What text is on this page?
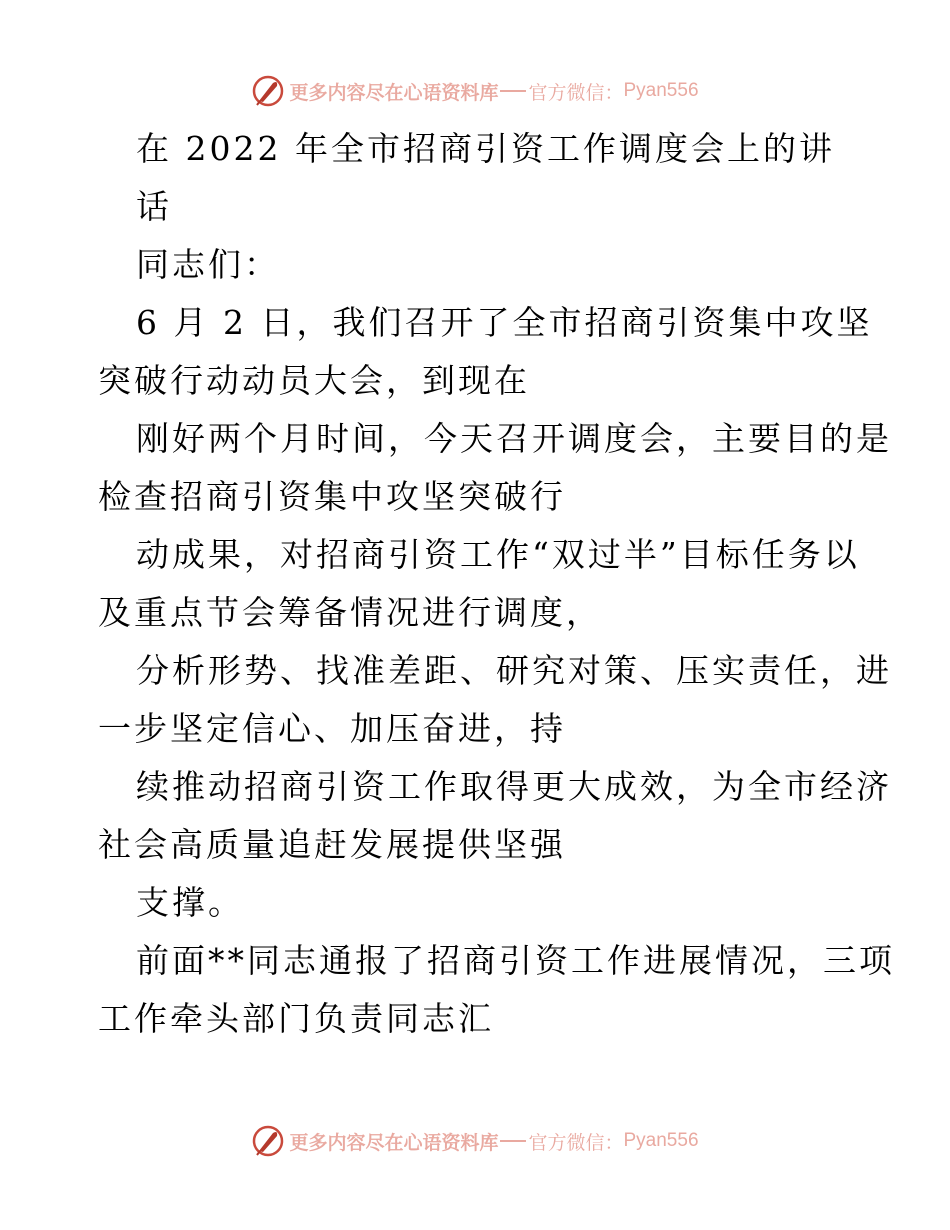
更多内容尽在心语资料库 官方微信： Pyan556
在 2022 年全市招商引资工作调度会上的讲
话
同志们：
6 月 2 日，我们召开了全市招商引资集中攻坚
突破行动动员大会，到现在
刚好两个月时间，今天召开调度会，主要目的是
检查招商引资集中攻坚突破行
动成果，对招商引资工作“双过半”目标任务以
及重点节会筹备情况进行调度，
分析形势、找准差距、研究对策、压实责任，进
一步坚定信心、加压奋进，持
续推动招商引资工作取得更大成效，为全市经济
社会高质量追赶发展提供坚强
支撑。
前面**同志通报了招商引资工作进展情况，三项
工作牵头部门负责同志汇
更多内容尽在心语资料库 官方微信： Pyan556
